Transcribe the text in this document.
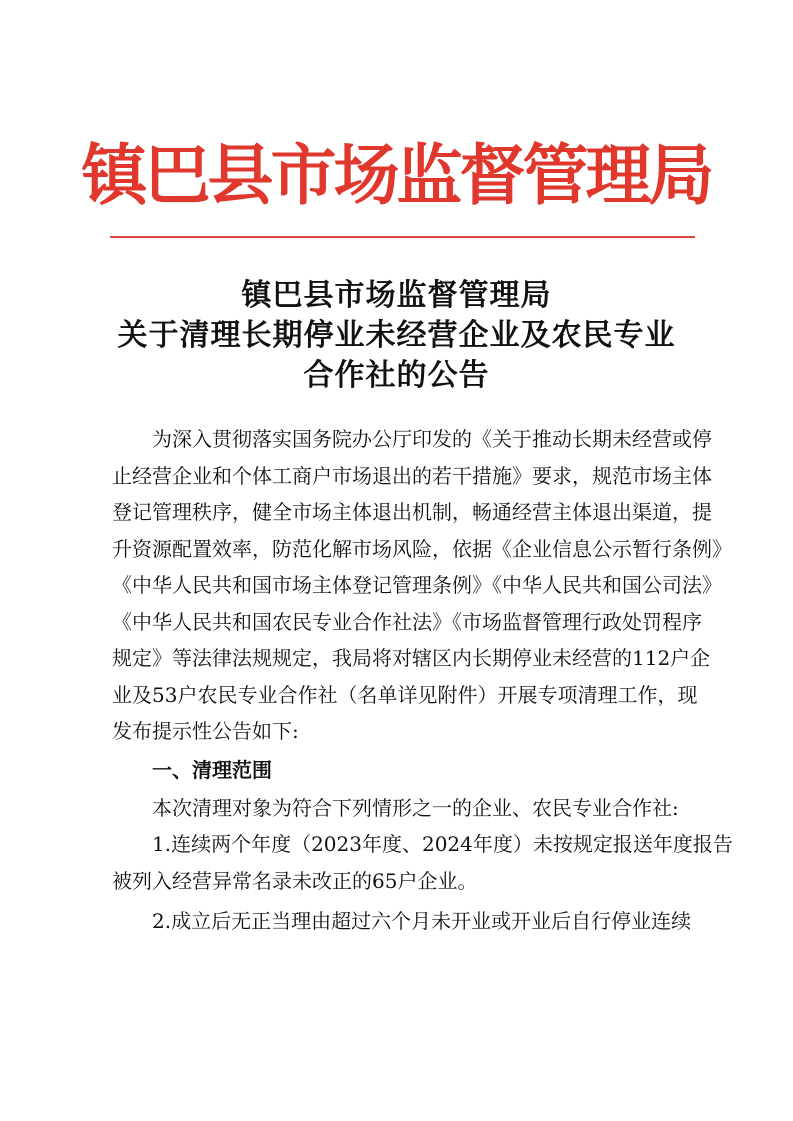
镇巴县市场监督管理局
镇巴县市场监督管理局
关于清理长期停业未经营企业及农民专业
合作社的公告
为深入贯彻落实国务院办公厅印发的《关于推动长期未经营或停
止经营企业和个体工商户市场退出的若干措施》要求，规范市场主体
登记管理秩序，健全市场主体退出机制，畅通经营主体退出渠道，提
升资源配置效率，防范化解市场风险，依据《企业信息公示暂行条例》
《中华人民共和国市场主体登记管理条例》《中华人民共和国公司法》
《中华人民共和国农民专业合作社法》《市场监督管理行政处罚程序
规定》等法律法规规定，我局将对辖区内长期停业未经营的112户企
业及53户农民专业合作社（名单详见附件）开展专项清理工作，现
发布提示性公告如下:
一、清理范围
本次清理对象为符合下列情形之一的企业、农民专业合作社:
1.连续两个年度（2023年度、2024年度）未按规定报送年度报告
被列入经营异常名录未改正的65户企业。
2.成立后无正当理由超过六个月未开业或开业后自行停业连续
